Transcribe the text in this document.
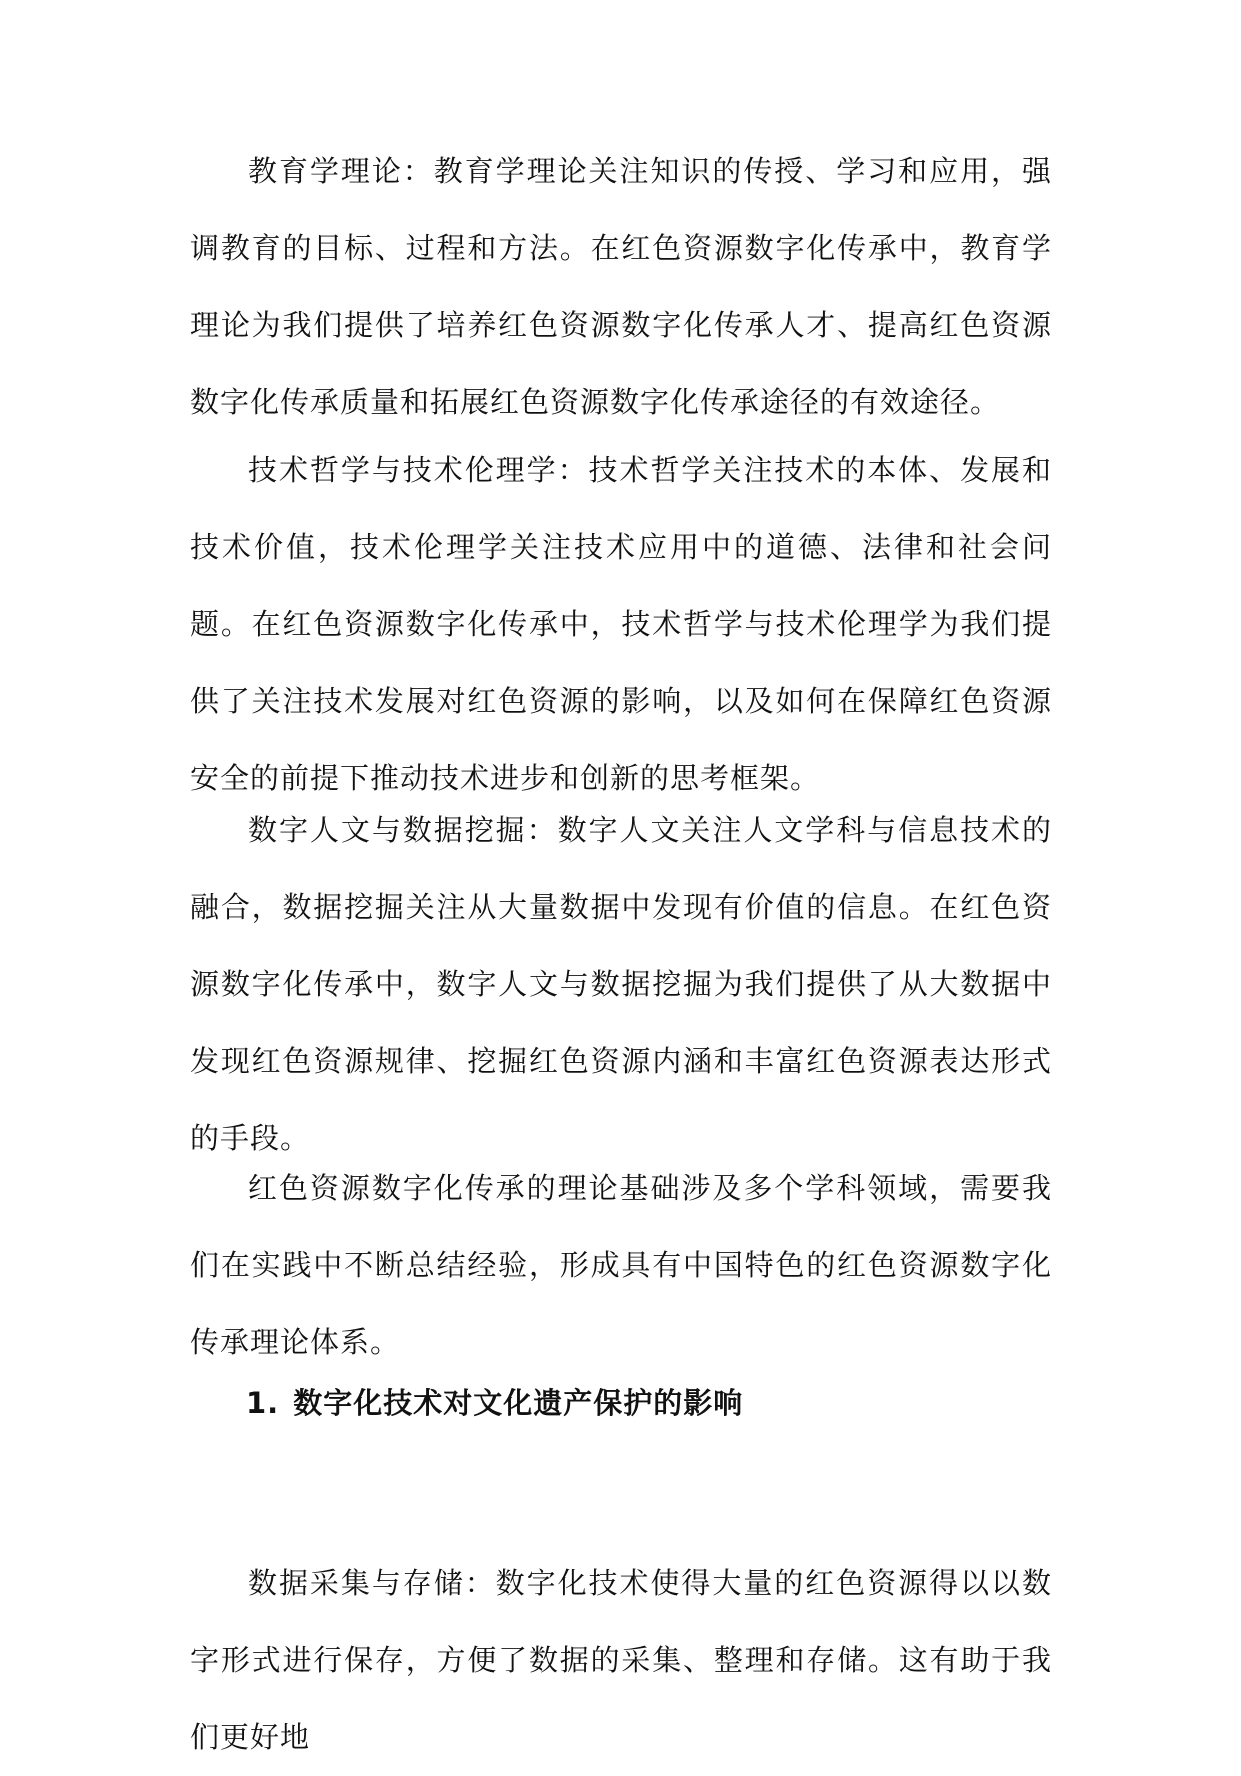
教育学理论：教育学理论关注知识的传授、学习和应用，强调教育的目标、过程和方法。在红色资源数字化传承中，教育学理论为我们提供了培养红色资源数字化传承人才、提高红色资源数字化传承质量和拓展红色资源数字化传承途径的有效途径。

技术哲学与技术伦理学：技术哲学关注技术的本体、发展和技术价值，技术伦理学关注技术应用中的道德、法律和社会问题。在红色资源数字化传承中，技术哲学与技术伦理学为我们提供了关注技术发展对红色资源的影响，以及如何在保障红色资源安全的前提下推动技术进步和创新的思考框架。

数字人文与数据挖掘：数字人文关注人文学科与信息技术的融合，数据挖掘关注从大量数据中发现有价值的信息。在红色资源数字化传承中，数字人文与数据挖掘为我们提供了从大数据中发现红色资源规律、挖掘红色资源内涵和丰富红色资源表达形式的手段。

红色资源数字化传承的理论基础涉及多个学科领域，需要我们在实践中不断总结经验，形成具有中国特色的红色资源数字化传承理论体系。

1. 数字化技术对文化遗产保护的影响

数据采集与存储：数字化技术使得大量的红色资源得以以数字形式进行保存，方便了数据的采集、整理和存储。这有助于我们更好地
